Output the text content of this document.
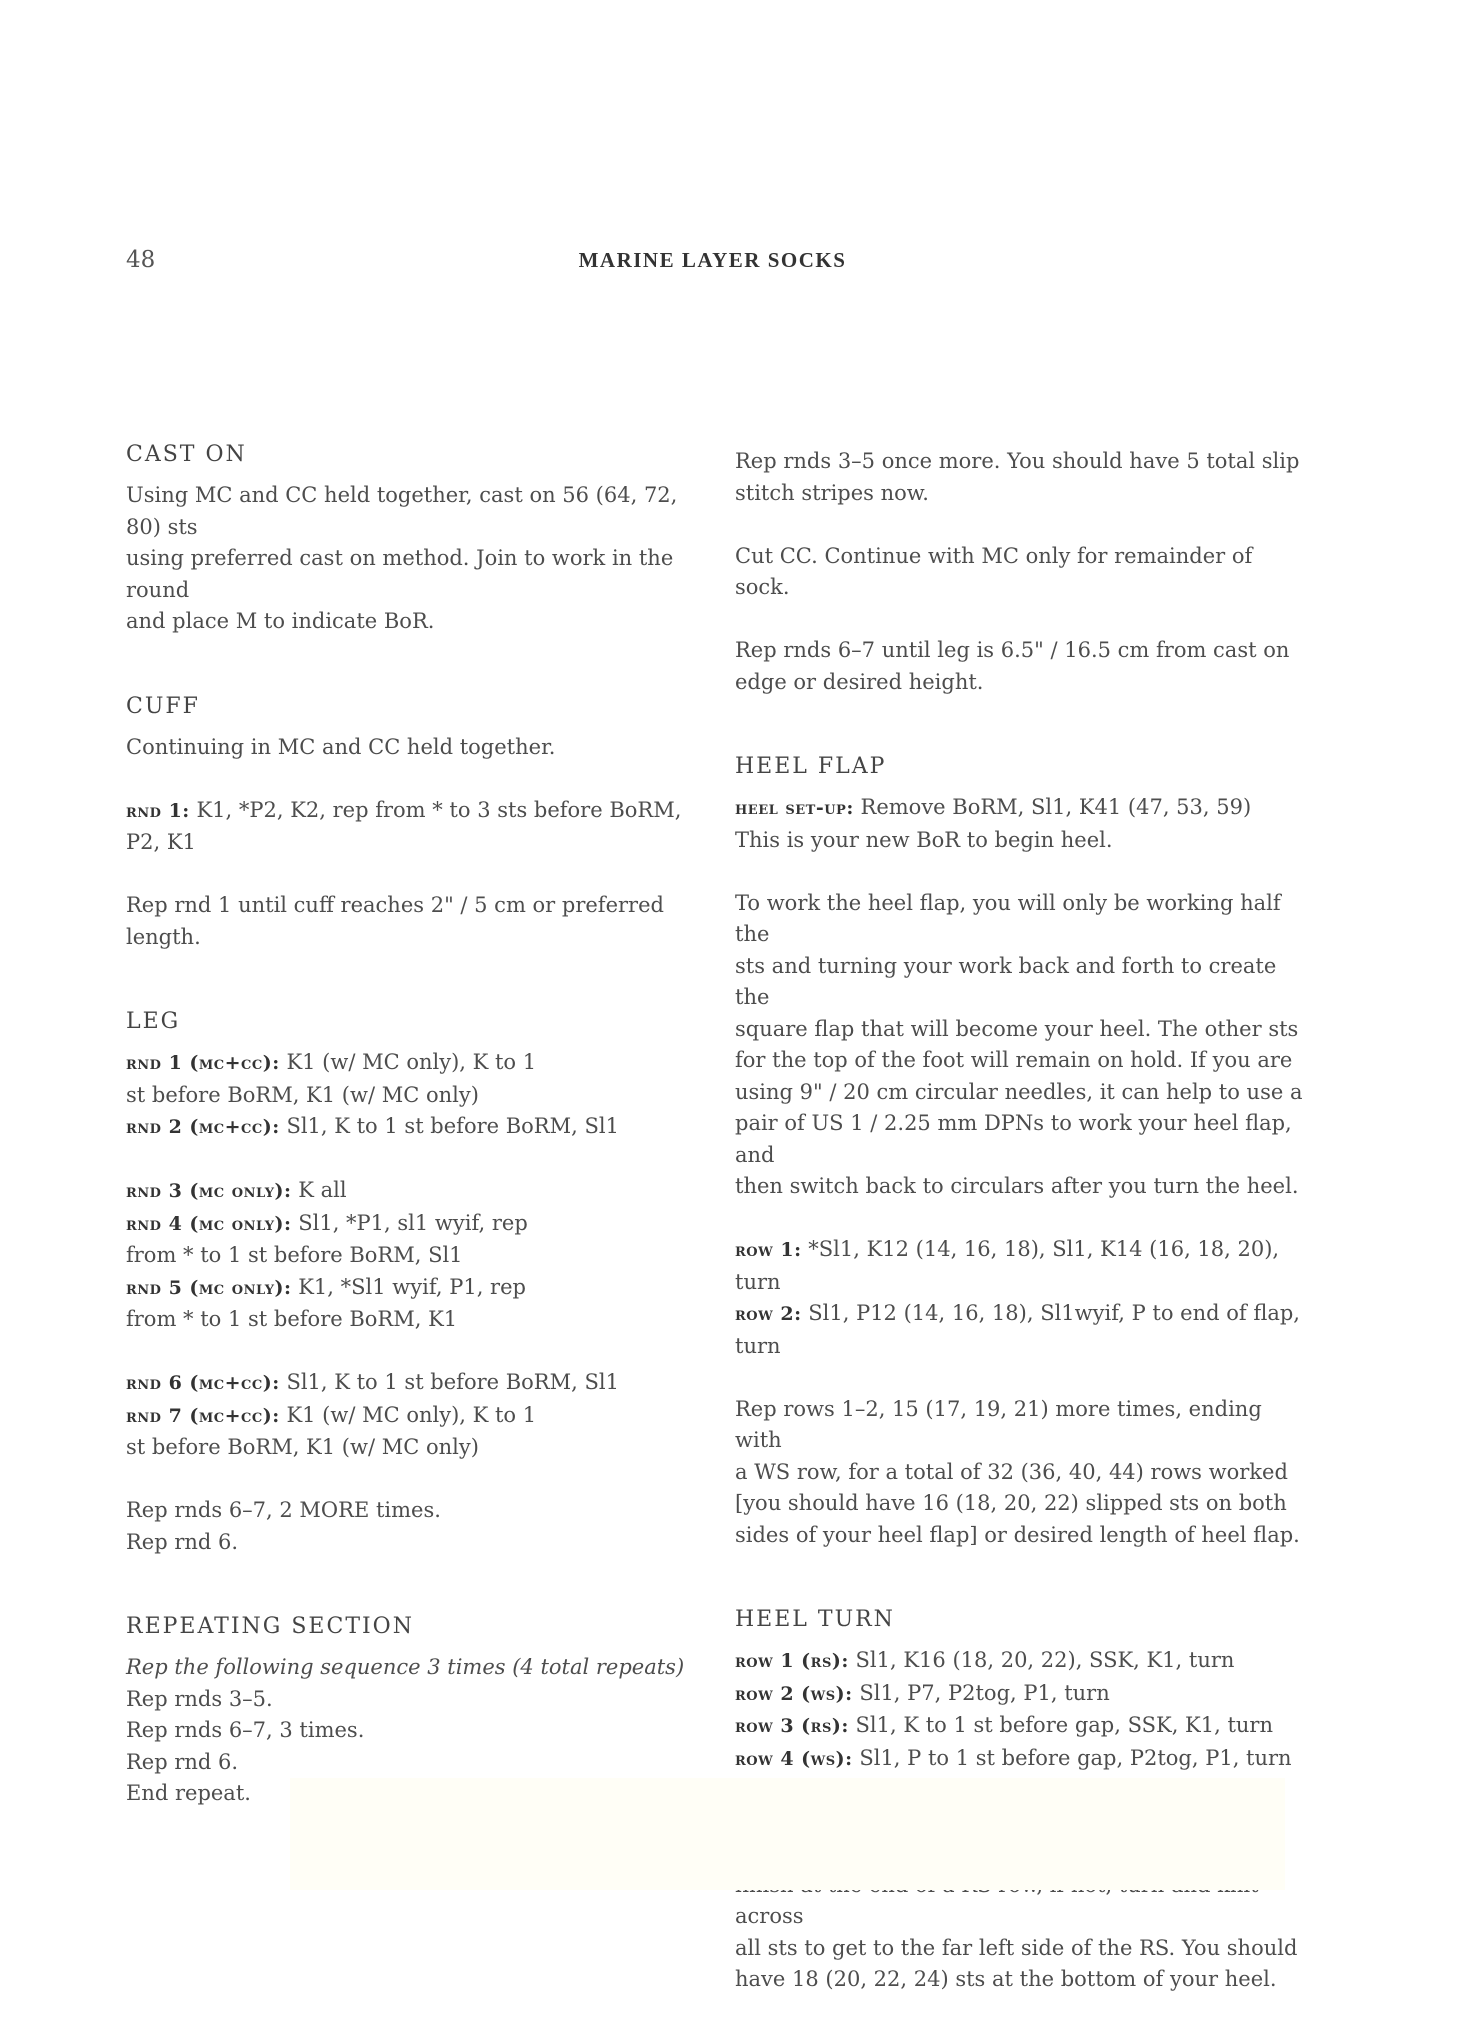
48	MARINE LAYER SOCKS
CAST ON
Using MC and CC held together, cast on 56 (64, 72, 80) sts
using preferred cast on method. Join to work in the round
and place M to indicate BoR.
CUFF
Continuing in MC and CC held together.
rnd 1: K1, *P2, K2, rep from * to 3 sts before BoRM,
P2, K1
Rep rnd 1 until cuff reaches 2" / 5 cm or preferred length.
LEG
rnd 1 (mc+cc): K1 (w/ MC only), K to 1
st before BoRM, K1 (w/ MC only)
rnd 2 (mc+cc): Sl1, K to 1 st before BoRM, Sl1
rnd 3 (mc only): K all
rnd 4 (mc only): Sl1, *P1, sl1 wyif, rep
from * to 1 st before BoRM, Sl1
rnd 5 (mc only): K1, *Sl1 wyif, P1, rep
from * to 1 st before BoRM, K1
rnd 6 (mc+cc): Sl1, K to 1 st before BoRM, Sl1
rnd 7 (mc+cc): K1 (w/ MC only), K to 1
st before BoRM, K1 (w/ MC only)
Rep rnds 6–7, 2 MORE times.
Rep rnd 6.
REPEATING SECTION
Rep the following sequence 3 times (4 total repeats)
Rep rnds 3–5.
Rep rnds 6–7, 3 times.
Rep rnd 6.
End repeat.
Rep rnds 3–5 once more. You should have 5 total slip
stitch stripes now.
Cut CC. Continue with MC only for remainder of sock.
Rep rnds 6–7 until leg is 6.5" / 16.5 cm from cast on
edge or desired height.
HEEL FLAP
heel set-up: Remove BoRM, Sl1, K41 (47, 53, 59)
This is your new BoR to begin heel.
To work the heel flap, you will only be working half the
sts and turning your work back and forth to create the
square flap that will become your heel. The other sts
for the top of the foot will remain on hold. If you are
using 9" / 20 cm circular needles, it can help to use a
pair of US 1 / 2.25 mm DPNs to work your heel flap, and
then switch back to circulars after you turn the heel.
row 1: *Sl1, K12 (14, 16, 18), Sl1, K14 (16, 18, 20), turn
row 2: Sl1, P12 (14, 16, 18), Sl1wyif, P to end of flap, turn
Rep rows 1–2, 15 (17, 19, 21) more times, ending with
a WS row, for a total of 32 (36, 40, 44) rows worked
[you should have 16 (18, 20, 22) slipped sts on both
sides of your heel flap] or desired length of heel flap.
HEEL TURN
row 1 (rs): Sl1, K16 (18, 20, 22), SSK, K1, turn
row 2 (ws): Sl1, P7, P2tog, P1, turn
row 3 (rs): Sl1, K to 1 st before gap, SSK, K1, turn
row 4 (ws): Sl1, P to 1 st before gap, P2tog, P1, turn
across
all sts to get to the far left side of the RS. You should
have 18 (20, 22, 24) sts at the bottom of your heel.
